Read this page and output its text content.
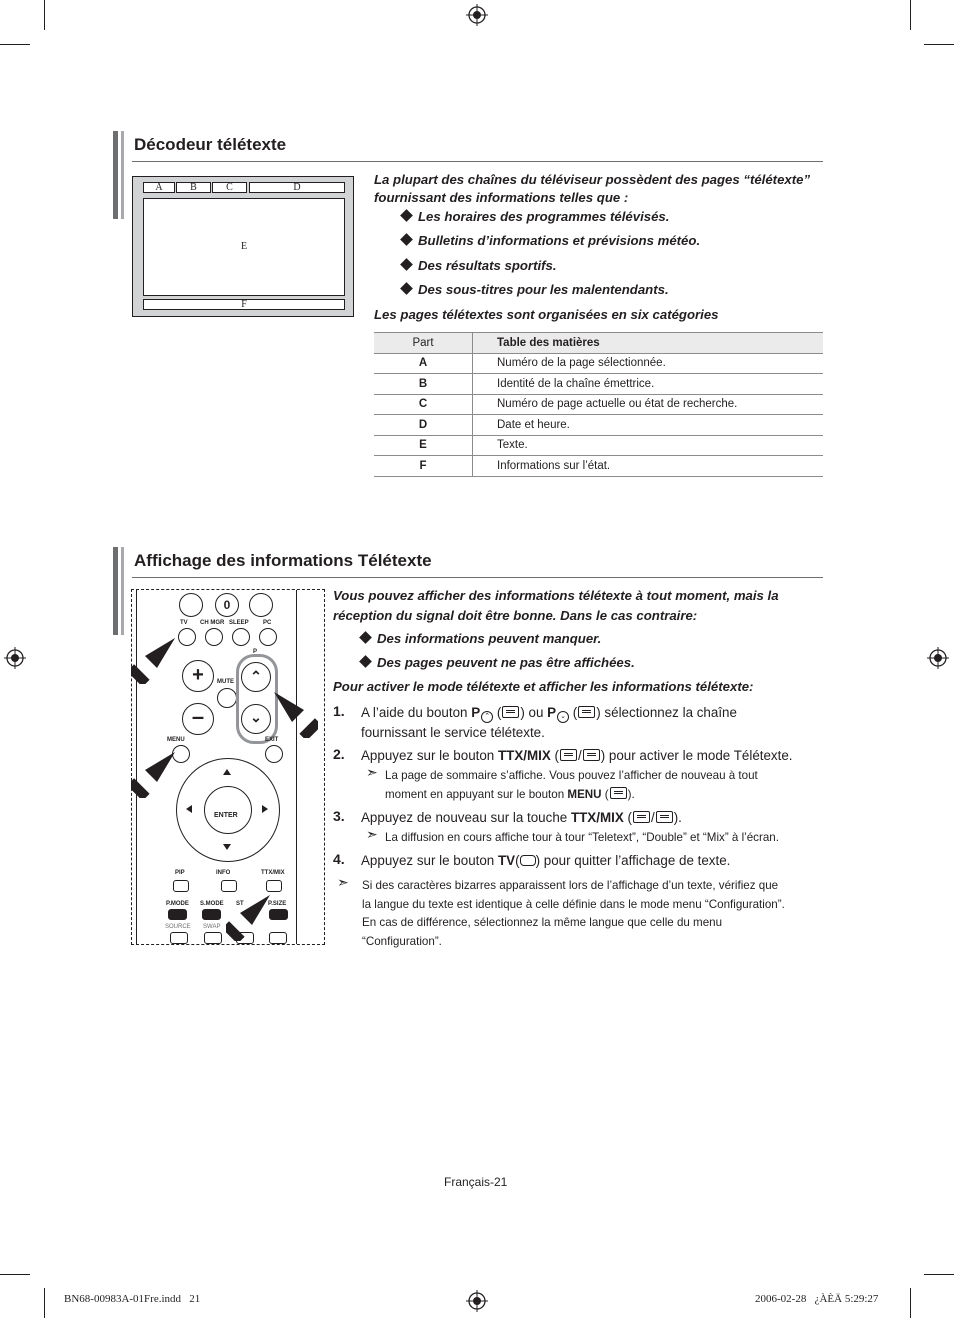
Décodeur télétexte
A	B	C	D
E
F
La plupart des chaînes du téléviseur possèdent des pages “télétexte” fournissant des informations telles que :
Les horaires des programmes télévisés.
Bulletins d’informations et prévisions météo.
Des résultats sportifs.
Des sous-titres pour les malentendants.
Les pages télétextes sont organisées en six catégories
Part	Table des matières
A	Numéro de la page sélectionnée.
B	Identité de la chaîne émettrice.
C	Numéro de page actuelle ou état de recherche.
D	Date et heure.
E	Texte.
F	Informations sur l’état.
Affichage des informations Télétexte
0
TV CH MGR SLEEP PC
+
–
MUTE
P
⌃
⌄
MENU	EXIT
ENTER
PIP	INFO	TTX/MIX
P.MODE S.MODE ST	P.SIZE
SOURCE SWAP
Vous pouvez afficher des informations télétexte à tout moment, mais la réception du signal doit être bonne. Dans le cas contraire:
Des informations peuvent manquer.
Des pages peuvent ne pas être affichées.
Pour activer le mode télétexte et afficher les informations télétexte:
1. A l’aide du bouton P ⌃ ( ) ou P ⌄ ( ) sélectionnez la chaîne
fournissant le service télétexte.
2. Appuyez sur le bouton TTX/MIX ( / ) pour activer le mode Télétexte.
➣ La page de sommaire s’affiche. Vous pouvez l’afficher de nouveau à tout
moment en appuyant sur le bouton MENU ( ).
3. Appuyez de nouveau sur la touche TTX/MIX ( / ).
➣ La diffusion en cours affiche tour à tour “Teletext”, “Double” et “Mix” à l’écran.
4. Appuyez sur le bouton TV( ) pour quitter l’affichage de texte.
➣ Si des caractères bizarres apparaissent lors de l’affichage d’un texte, vérifiez que
la langue du texte est identique à celle définie dans le mode menu “Configuration”.
En cas de différence, sélectionnez la même langue que celle du menu
“Configuration”.
Français-21
BN68-00983A-01Fre.indd   21	2006-02-28   ¿ÀÈÄ 5:29:27
